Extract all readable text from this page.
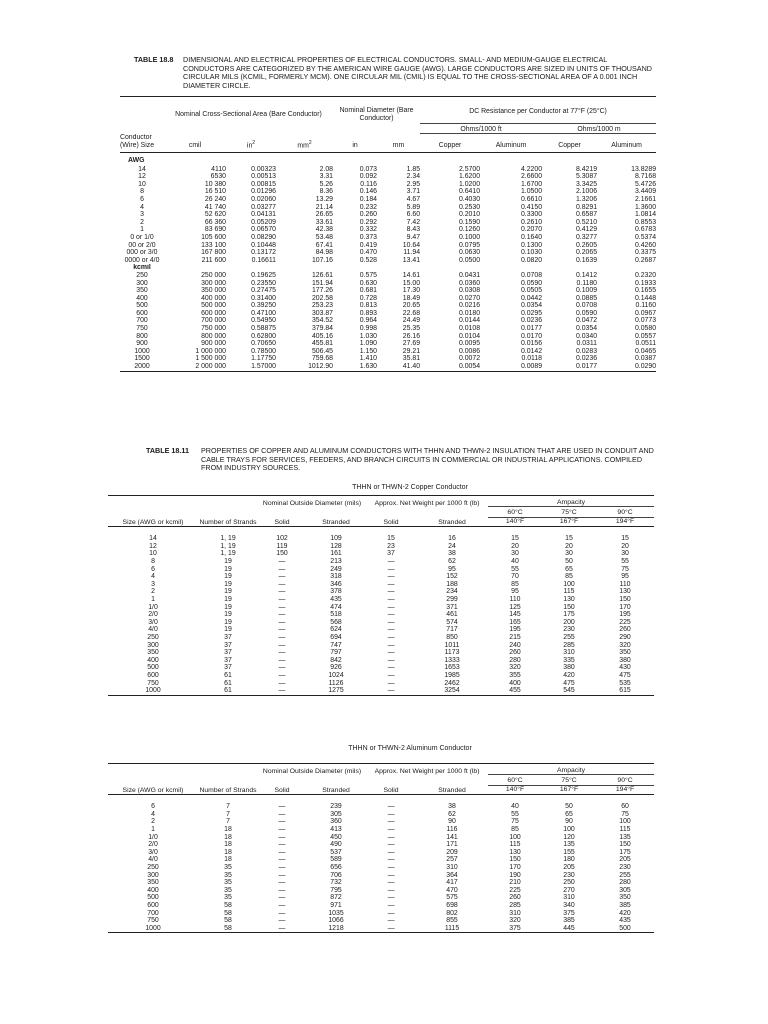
TABLE 18.8	DIMENSIONAL AND ELECTRICAL PROPERTIES OF ELECTRICAL CONDUCTORS. SMALL- AND MEDIUM-GAUGE ELECTRICAL CONDUCTORS ARE CATEGORIZED BY THE AMERICAN WIRE GAUGE (AWG). LARGE CONDUCTORS ARE SIZED IN UNITS OF THOUSAND CIRCULAR MILS (KCMIL, FORMERLY MCM). ONE CIRCULAR MIL (CMIL) IS EQUAL TO THE CROSS-SECTIONAL AREA OF A 0.001 INCH DIAMETER CIRCLE.
	Nominal Cross-Sectional Area (Bare Conductor)			Nominal Diameter (Bare Conductor)		DC Resistance per Conductor at 77°F (25°C)			
						Ohms/1000 ft		Ohms/1000 m	
Conductor (Wire) Size	cmil	$in^2$	$mm^2$	in	mm	Copper	Aluminum	Copper	Aluminum
AWG									
14	4110	0.00323	2.08	0.073	1.85	2.5700	4.2200	8.4219	13.8289
12	6530	0.00513	3.31	0.092	2.34	1.6200	2.6600	5.3087	8.7168
10	10 380	0.00815	5.26	0.116	2.95	1.0200	1.6700	3.3425	5.4726
8	16 510	0.01296	8.36	0.146	3.71	0.6410	1.0500	2.1006	3.4409
6	26 240	0.02060	13.29	0.184	4.67	0.4030	0.6610	1.3206	2.1661
4	41 740	0.03277	21.14	0.232	5.89	0.2530	0.4150	0.8291	1.3600
3	52 620	0.04131	26.65	0.260	6.60	0.2010	0.3300	0.6587	1.0814
2	66 360	0.05209	33.61	0.292	7.42	0.1590	0.2610	0.5210	0.8553
1	83 690	0.06570	42.38	0.332	8.43	0.1260	0.2070	0.4129	0.6783
0 or 1/0	105 600	0.08290	53.48	0.373	9.47	0.1000	0.1640	0.3277	0.5374
00 or 2/0	133 100	0.10448	67.41	0.419	10.64	0.0795	0.1300	0.2605	0.4260
000 or 3/0	167 800	0.13172	84.98	0.470	11.94	0.0630	0.1030	0.2065	0.3375
0000 or 4/0	211 600	0.16611	107.16	0.528	13.41	0.0500	0.0820	0.1639	0.2687
kcmil									
250	250 000	0.19625	126.61	0.575	14.61	0.0431	0.0708	0.1412	0.2320
300	300 000	0.23550	151.94	0.630	15.00	0.0360	0.0590	0.1180	0.1933
350	350 000	0.27475	177.26	0.681	17.30	0.0308	0.0505	0.1009	0.1655
400	400 000	0.31400	202.58	0.728	18.49	0.0270	0.0442	0.0885	0.1448
500	500 000	0.39250	253.23	0.813	20.65	0.0216	0.0354	0.0708	0.1160
600	600 000	0.47100	303.87	0.893	22.68	0.0180	0.0295	0.0590	0.0967
700	700 000	0.54950	354.52	0.964	24.49	0.0144	0.0236	0.0472	0.0773
750	750 000	0.58875	379.84	0.998	25.35	0.0108	0.0177	0.0354	0.0580
800	800 000	0.62800	405.16	1.030	26.16	0.0104	0.0170	0.0340	0.0557
900	900 000	0.70650	455.81	1.090	27.69	0.0095	0.0156	0.0311	0.0511
1000	1 000 000	0.78500	506.45	1.150	29.21	0.0086	0.0142	0.0283	0.0465
1500	1 500 000	1.17750	759.68	1.410	35.81	0.0072	0.0118	0.0236	0.0387
2000	2 000 000	1.57000	1012.90	1.630	41.40	0.0054	0.0089	0.0177	0.0290
TABLE 18.11	PROPERTIES OF COPPER AND ALUMINUM CONDUCTORS WITH THHN AND THWN-2 INSULATION THAT ARE USED IN CONDUIT AND CABLE TRAYS FOR SERVICES, FEEDERS, AND BRANCH CIRCUITS IN COMMERCIAL OR INDUSTRIAL APPLICATIONS. COMPILED FROM INDUSTRY SOURCES.
THHN or THWN-2 Copper Conductor
		Nominal Outside Diameter (mils)		Approx. Net Weight per 1000 ft (lb)		Ampacity		
Size (AWG or kcmil)	Number of Strands					60°C	75°C	90°C
		Solid	Stranded	Solid	Stranded	140°F	167°F	194°F

14	1, 19	102	109	15	16	15	15	15
12	1, 19	119	128	23	24	20	20	20
10	1, 19	150	161	37	38	30	30	30
8	19	—	213	—	62	40	50	55
6	19	—	249	—	95	55	65	75
4	19	—	318	—	152	70	85	95
3	19	—	346	—	188	85	100	110
2	19	—	378	—	234	95	115	130
1	19	—	435	—	299	110	130	150
1/0	19	—	474	—	371	125	150	170
2/0	19	—	518	—	461	145	175	195
3/0	19	—	568	—	574	165	200	225
4/0	19	—	624	—	717	195	230	260
250	37	—	694	—	850	215	255	290
300	37	—	747	—	1011	240	285	320
350	37	—	797	—	1173	260	310	350
400	37	—	842	—	1333	280	335	380
500	37	—	926	—	1653	320	380	430
600	61	—	1024	—	1985	355	420	475
750	61	—	1126	—	2462	400	475	535
1000	61	—	1275	—	3254	455	545	615
THHN or THWN-2 Aluminum Conductor
		Nominal Outside Diameter (mils)		Approx. Net Weight per 1000 ft (lb)		Ampacity		
Size (AWG or kcmil)	Number of Strands					60°C	75°C	90°C
		Solid	Stranded	Solid	Stranded	140°F	167°F	194°F

6	7	—	239	—	38	40	50	60
4	7	—	305	—	62	55	65	75
2	7	—	360	—	90	75	90	100
1	18	—	413	—	116	85	100	115
1/0	18	—	450	—	141	100	120	135
2/0	18	—	490	—	171	115	135	150
3/0	18	—	537	—	209	130	155	175
4/0	18	—	589	—	257	150	180	205
250	35	—	656	—	310	170	205	230
300	35	—	706	—	364	190	230	255
350	35	—	732	—	417	210	250	280
400	35	—	795	—	470	225	270	305
500	35	—	872	—	575	260	310	350
600	58	—	971	—	698	285	340	385
700	58	—	1035	—	802	310	375	420
750	58	—	1066	—	855	320	385	435
1000	58	—	1218	—	1115	375	445	500
